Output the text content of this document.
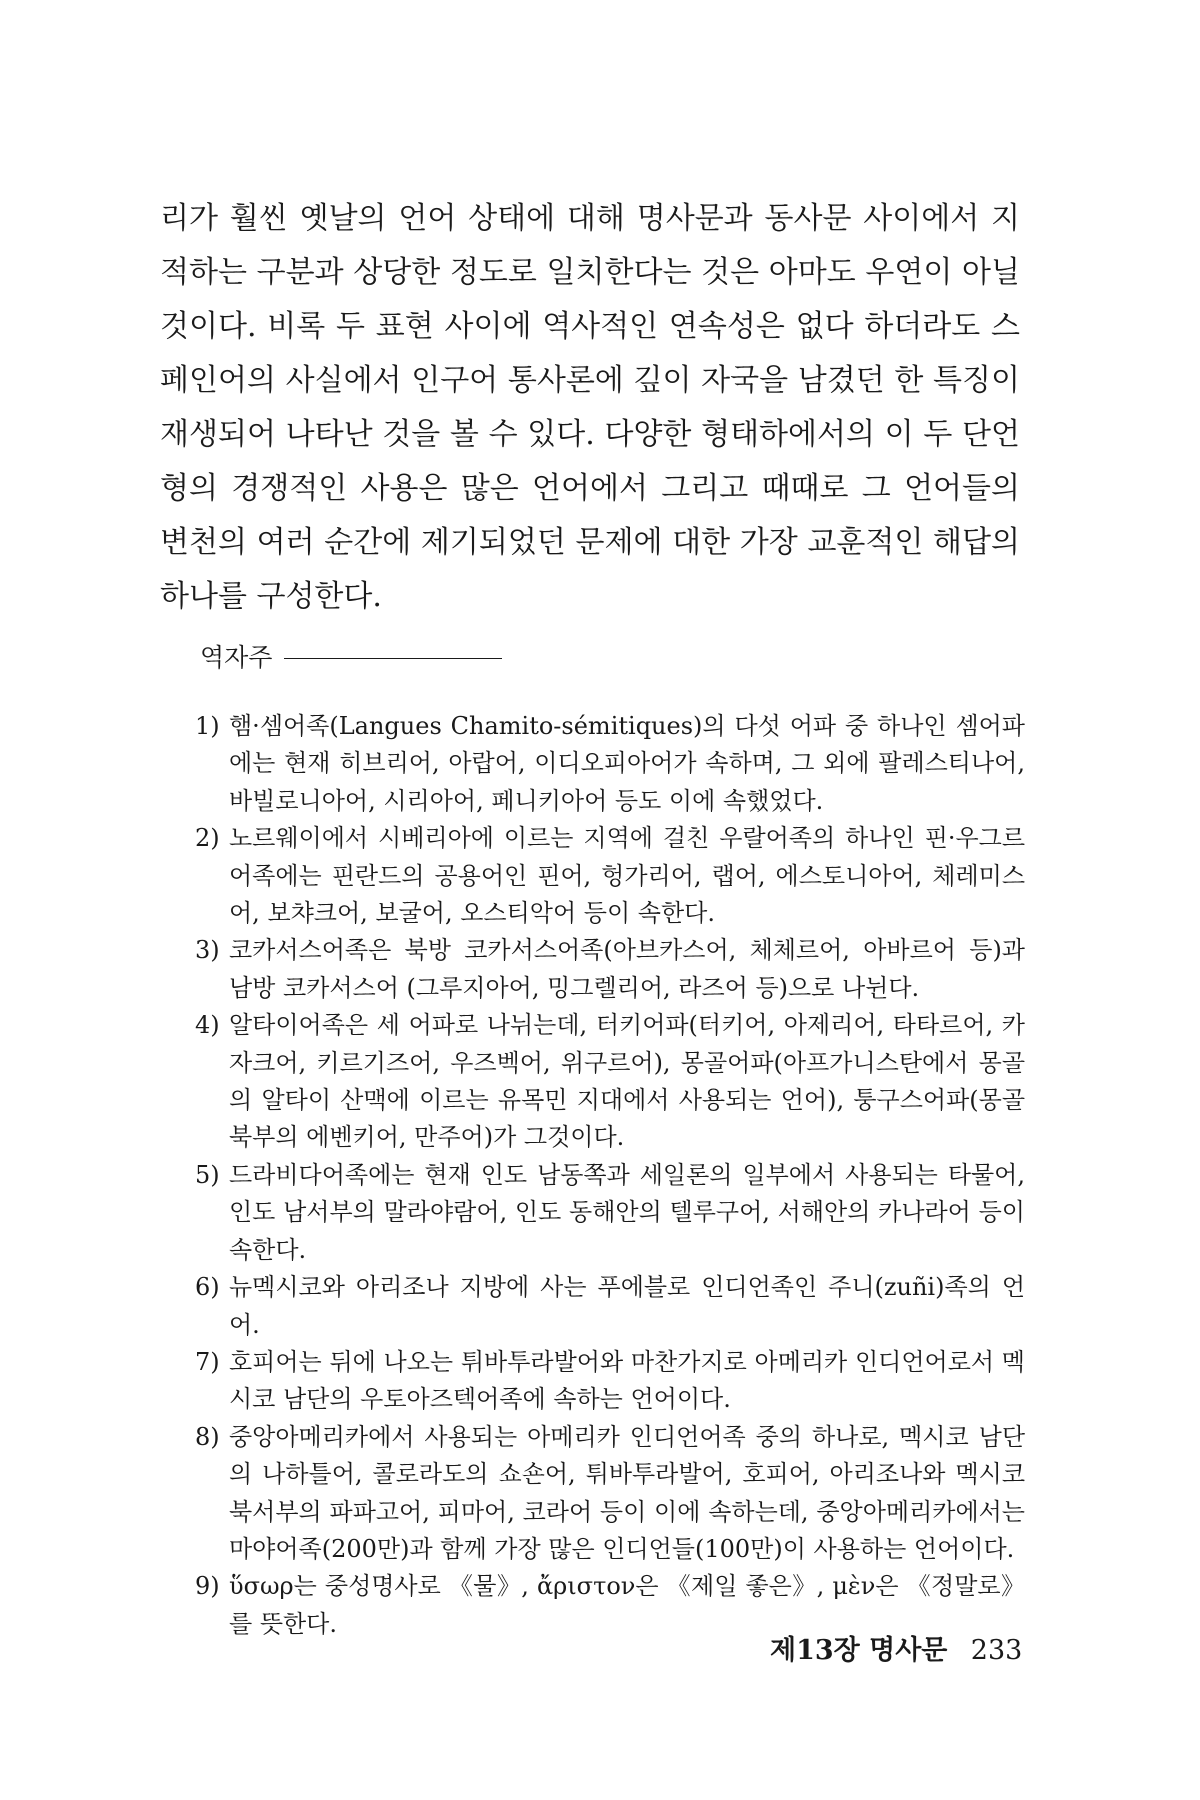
리가 훨씬 옛날의 언어 상태에 대해 명사문과 동사문 사이에서 지적하는 구분과 상당한 정도로 일치한다는 것은 아마도 우연이 아닐 것이다. 비록 두 표현 사이에 역사적인 연속성은 없다 하더라도 스페인어의 사실에서 인구어 통사론에 깊이 자국을 남겼던 한 특징이 재생되어 나타난 것을 볼 수 있다. 다양한 형태하에서의 이 두 단언형의 경쟁적인 사용은 많은 언어에서 그리고 때때로 그 언어들의 변천의 여러 순간에 제기되었던 문제에 대한 가장 교훈적인 해답의 하나를 구성한다.

역자주
1) 햄·셈어족(Langues Chamito-sémitiques)의 다섯 어파 중 하나인 셈어파에는 현재 히브리어, 아랍어, 이디오피아어가 속하며, 그 외에 팔레스티나어, 바빌로니아어, 시리아어, 페니키아어 등도 이에 속했었다.
2) 노르웨이에서 시베리아에 이르는 지역에 걸친 우랄어족의 하나인 핀·우그르어족에는 핀란드의 공용어인 핀어, 헝가리어, 랩어, 에스토니아어, 체레미스어, 보챠크어, 보굴어, 오스티악어 등이 속한다.
3) 코카서스어족은 북방 코카서스어족(아브카스어, 체체르어, 아바르어 등)과 남방 코카서스어 (그루지아어, 밍그렐리어, 라즈어 등)으로 나뉜다.
4) 알타이어족은 세 어파로 나뉘는데, 터키어파(터키어, 아제리어, 타타르어, 카자크어, 키르기즈어, 우즈벡어, 위구르어), 몽골어파(아프가니스탄에서 몽골의 알타이 산맥에 이르는 유목민 지대에서 사용되는 언어), 퉁구스어파(몽골 북부의 에벤키어, 만주어)가 그것이다.
5) 드라비다어족에는 현재 인도 남동쪽과 세일론의 일부에서 사용되는 타물어, 인도 남서부의 말라야람어, 인도 동해안의 텔루구어, 서해안의 카나라어 등이 속한다.
6) 뉴멕시코와 아리조나 지방에 사는 푸에블로 인디언족인 주니(zuñi)족의 언어.
7) 호피어는 뒤에 나오는 튀바투라발어와 마찬가지로 아메리카 인디언어로서 멕시코 남단의 우토아즈텍어족에 속하는 언어이다.
8) 중앙아메리카에서 사용되는 아메리카 인디언어족 중의 하나로, 멕시코 남단의 나하틀어, 콜로라도의 쇼숀어, 튀바투라발어, 호피어, 아리조나와 멕시코 북서부의 파파고어, 피마어, 코라어 등이 이에 속하는데, 중앙아메리카에서는 마야어족(200만)과 함께 가장 많은 인디언들(100만)이 사용하는 언어이다.
9) ὕσωρ는 중성명사로 《물》, ἄριστον은 《제일 좋은》, μὲν은 《정말로》를 뜻한다.
제13장 명사문 233
